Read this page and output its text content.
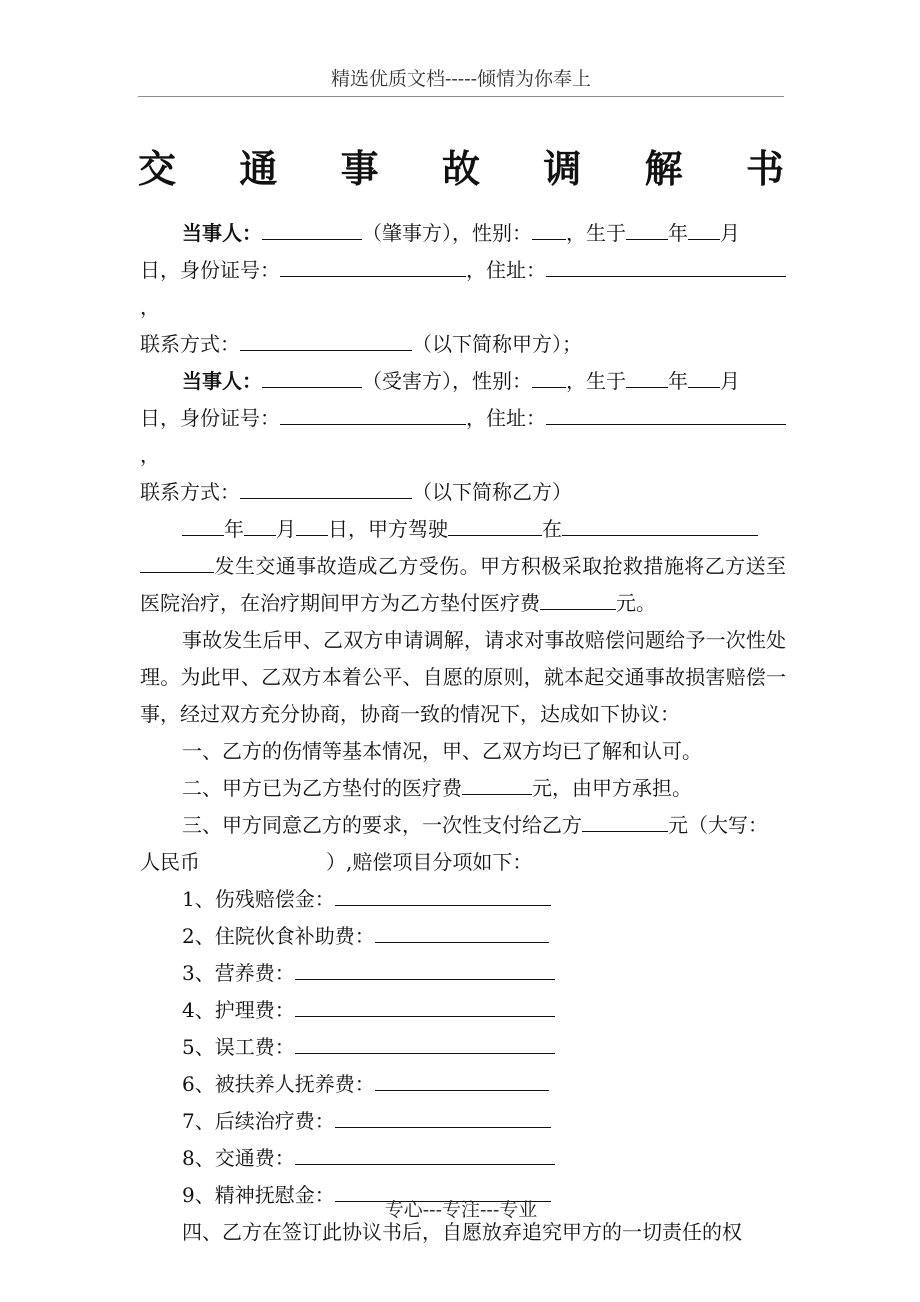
精选优质文档-----倾情为你奉上
交 通 事 故 调 解 书

当事人：	（肇事方），性别： ，生于 年 月
日，身份证号：	，住址：，
联系方式：	（以下简称甲方）；

当事人：	（受害方），性别： ，生于 年 月
日，身份证号：	，住址：，
联系方式：	（以下简称乙方）

年 月 日，甲方驾驶	在
发生交通事故造成乙方受伤。甲方积极采取抢救措施将乙方送至医院治疗，在治疗期间甲方为乙方垫付医疗费	元。

事故发生后甲、乙双方申请调解，请求对事故赔偿问题给予一次性处理。为此甲、乙双方本着公平、自愿的原则，就本起交通事故损害赔偿一事，经过双方充分协商，协商一致的情况下，达成如下协议：

一、乙方的伤情等基本情况，甲、乙双方均已了解和认可。

二、甲方已为乙方垫付的医疗费	元，由甲方承担。

三、甲方同意乙方的要求，一次性支付给乙方	元（大写：
人民币	）,赔偿项目分项如下：

1、伤残赔偿金：
2、住院伙食补助费：
3、营养费：
4、护理费：
5、误工费：
6、被扶养人抚养费：
7、后续治疗费：
8、交通费：
9、精神抚慰金：

四、乙方在签订此协议书后，自愿放弃追究甲方的一切责任的权

专心---专注---专业
